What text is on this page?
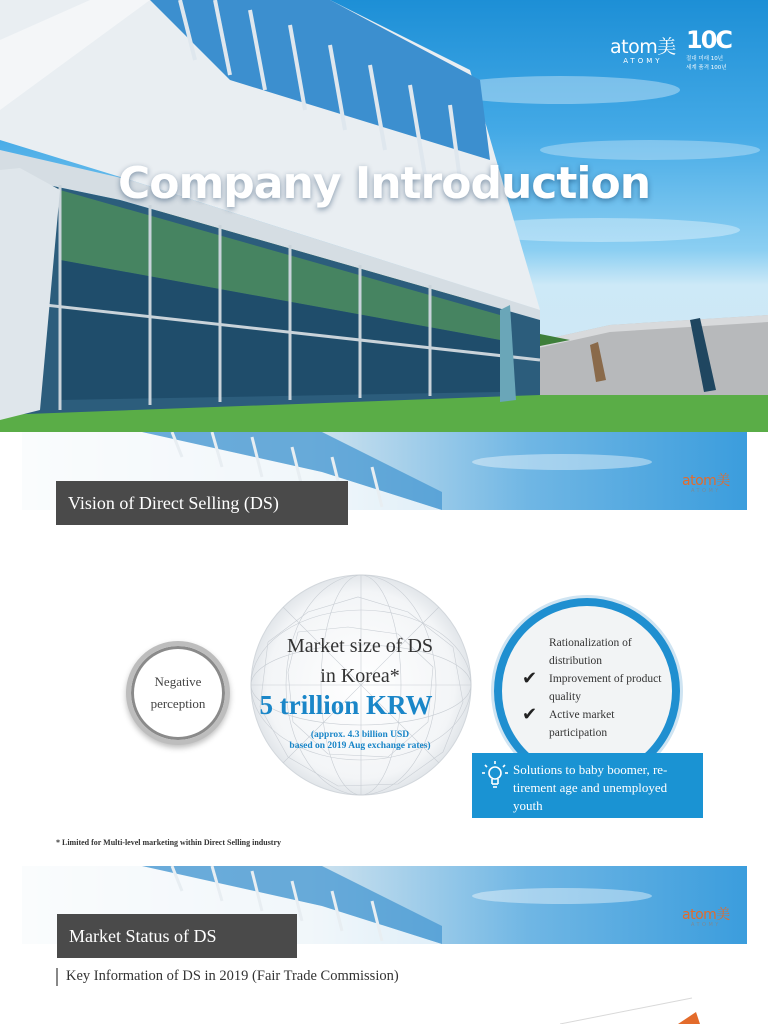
Company Introduction
atom美
ATOMY
10C
절대 미래 10년
세계 품격 100년
atom美
ATOMY
Vision of Direct Selling (DS)
Negative
perception
Market size of DS
in Korea*
5 trillion KRW
(approx. 4.3 billion USD
based on 2019 Aug exchange rates)
Rationalization of distribution
✔ Improvement of product quality
✔ Active market participation
Solutions to baby boomer, re-tirement age and unemployed youth
* Limited for Multi-level marketing within Direct Selling industry
atom美
ATOMY
Market Status of DS
Key Information of DS in 2019 (Fair Trade Commission)
